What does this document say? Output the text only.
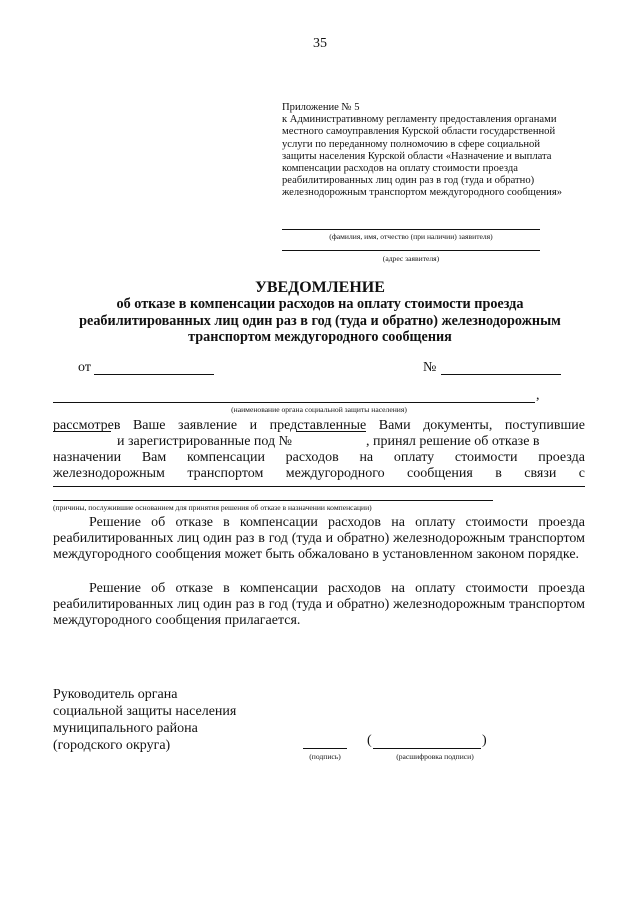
35
Приложение № 5
к Административному регламенту предоставления органами
местного самоуправления Курской области государственной
услуги по переданному полномочию в сфере социальной
защиты населения Курской области «Назначение и выплата
компенсации расходов на оплату стоимости проезда
реабилитированных лиц один раз в год (туда и обратно)
железнодорожным транспортом междугородного сообщения»
(фамилия, имя, отчество (при наличии) заявителя)
(адрес заявителя)
УВЕДОМЛЕНИЕ
об отказе в компенсации расходов на оплату стоимости проезда реабилитированных лиц один раз в год (туда и обратно) железнодорожным транспортом междугородного сообщения
от	№
,
(наименование органа социальной защиты населения)
рассмотрев Ваше заявление и представленные Вами документы, поступившие
и зарегистрированные под №	, принял решение об отказе в
назначении Вам компенсации расходов на оплату стоимости проезда
железнодорожным транспортом междугородного сообщения в связи с
(причины, послужившие основанием для принятия решения об отказе в назначении компенсации)
Решение об отказе в компенсации расходов на оплату стоимости проезда реабилитированных лиц один раз в год (туда и обратно) железнодорожным транспортом междугородного сообщения может быть обжаловано в установленном законом порядке.
Решение об отказе в компенсации расходов на оплату стоимости проезда реабилитированных лиц один раз в год (туда и обратно) железнодорожным транспортом междугородного сообщения прилагается.
Руководитель органа
социальной защиты населения
муниципального района
(городского округа)
(подпись)
(	)
(расшифровка подписи)
